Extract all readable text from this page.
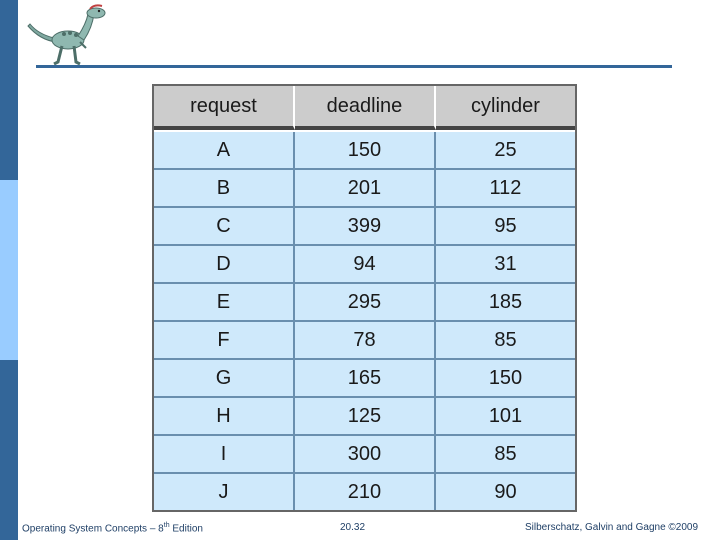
request	deadline	cylinder

A	150	25
B	201	112
C	399	95
D	94	31
E	295	185
F	78	85
G	165	150
H	125	101
I	300	85
J	210	90
Operating System Concepts – 8th Edition	20.32	Silberschatz, Galvin and Gagne ©2009
